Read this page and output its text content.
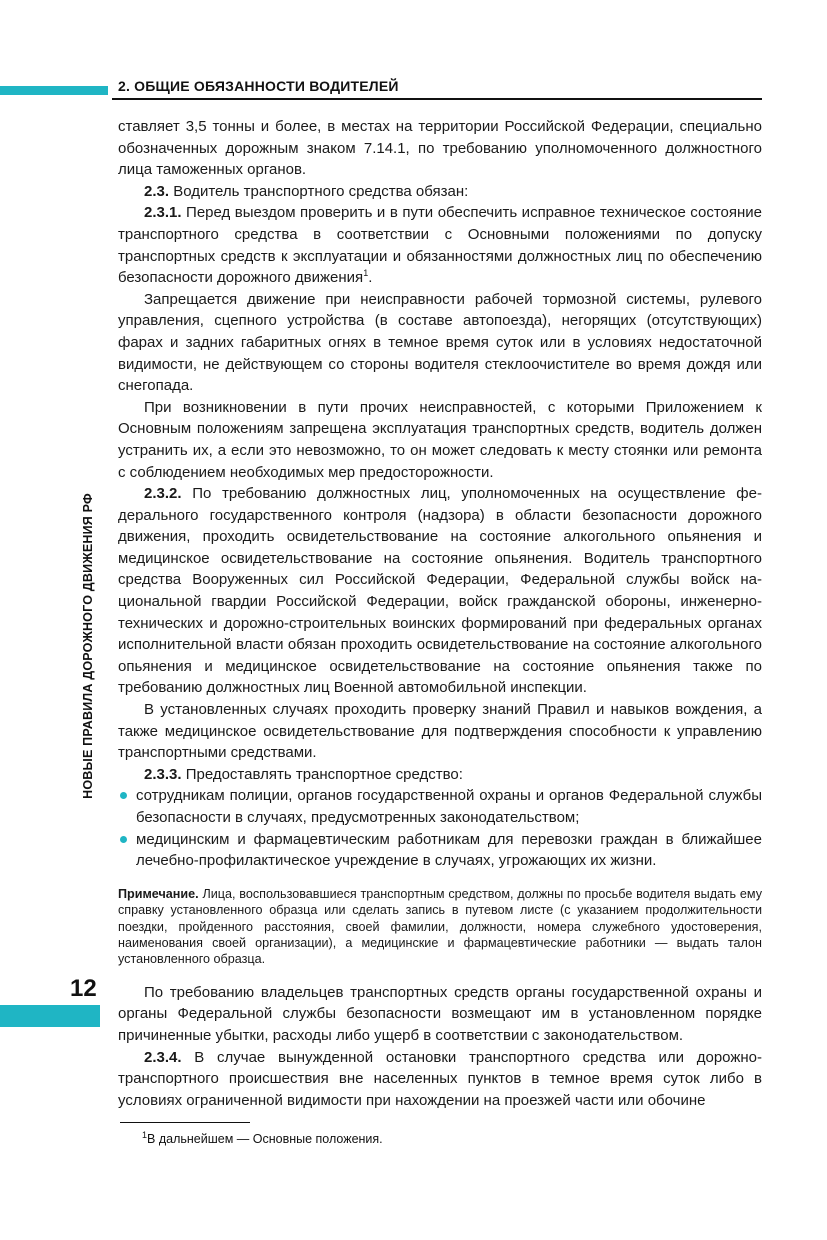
2. ОБЩИЕ ОБЯЗАННОСТИ ВОДИТЕЛЕЙ
НОВЫЕ ПРАВИЛА ДОРОЖНОГО ДВИЖЕНИЯ РФ
12

ставляет 3,5 тонны и более, в местах на территории Российской Федерации, специально обозначенных дорожным знаком 7.14.1, по требованию уполномоченного должностного лица таможенных органов.

2.3. Водитель транспортного средства обязан:

2.3.1. Перед выездом проверить и в пути обеспечить исправное техническое состояние транспортного средства в соответствии с Основными положениями по допуску транспортных средств к эксплуатации и обязанностями должностных лиц по обеспечению безопасности дорожного движения$^1$.

Запрещается движение при неисправности рабочей тормозной системы, рулевого управления, сцепного устройства (в составе автопоезда), негорящих (отсутствующих) фарах и задних габаритных огнях в темное время суток или в условиях недостаточной видимости, не действующем со стороны водителя стеклоочистителе во время дождя или снегопада.

При возникновении в пути прочих неисправностей, с которыми Приложением к Основным положениям запрещена эксплуатация транспортных средств, водитель должен устранить их, а если это невозможно, то он может следовать к месту стоянки или ремонта с соблюдением необходимых мер предосторожности.

2.3.2. По требованию должностных лиц, уполномоченных на осуществление федерального государственного контроля (надзора) в области безопасности дорожного движения, проходить освидетельствование на состояние алкогольного опьянения и медицинское освидетельствование на состояние опьянения. Водитель транспортного средства Вооруженных сил Российской Федерации, Федеральной службы войск национальной гвардии Российской Федерации, войск гражданской обороны, инженерно-технических и дорожно-строительных воинских формирований при федеральных органах исполнительной власти обязан проходить освидетельствование на состояние алкогольного опьянения и медицинское освидетельствование на состояние опьянения также по требованию должностных лиц Военной автомобильной инспекции.

В установленных случаях проходить проверку знаний Правил и навыков вождения, а также медицинское освидетельствование для подтверждения способности к управлению транспортными средствами.

2.3.3. Предоставлять транспортное средство:

сотрудникам полиции, органов государственной охраны и органов Федеральной службы безопасности в случаях, предусмотренных законодательством;
медицинским и фармацевтическим работникам для перевозки граждан в ближайшее лечебно-профилактическое учреждение в случаях, угрожающих их жизни.

Примечание. Лица, воспользовавшиеся транспортным средством, должны по просьбе водителя выдать ему справку установленного образца или сделать запись в путевом листе (с указанием продолжительности поездки, пройденного расстояния, своей фамилии, должности, номера служебного удостоверения, наименования своей организации), а медицинские и фармацевтические работники — выдать талон установленного образца.

По требованию владельцев транспортных средств органы государственной охраны и органы Федеральной службы безопасности возмещают им в установленном порядке причиненные убытки, расходы либо ущерб в соответствии с законодательством.

2.3.4. В случае вынужденной остановки транспортного средства или дорожно-транспортного происшествия вне населенных пунктов в темное время суток либо в условиях ограниченной видимости при нахождении на проезжей части или обочине

$^1$В дальнейшем — Основные положения.
